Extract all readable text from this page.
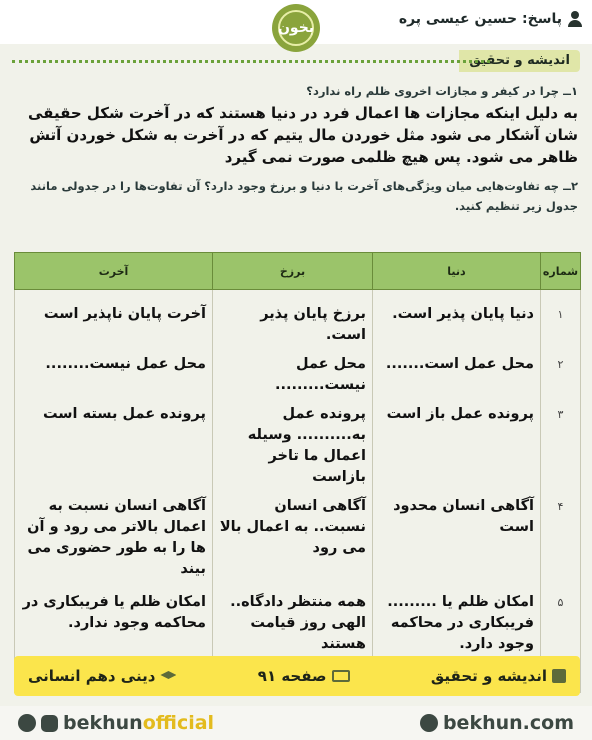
پاسخ: حسین عیسی پره
بخون
اندیشه و تحقیق
۱ــ چرا در کیفر و مجازات اخروی ظلم راه ندارد؟
به دلیل اینکه مجازات ها اعمال فرد در دنیا هستند که در آخرت شکل حقیقی شان آشکار می شود مثل خوردن مال یتیم که در آخرت به شکل خوردن آتش ظاهر می شود. پس هیچ ظلمی صورت نمی گیرد
۲ــ چه تفاوت‌هایی میان ویژگی‌های آخرت با دنیا و برزخ وجود دارد؟ آن تفاوت‌ها را در جدولی مانند جدول زیر تنظیم کنید.
شماره	دنیا	برزخ	آخرت
۱	دنیا پایان پذیر است.	برزخ پایان پذیر است.	آخرت پایان ناپذیر است
۲	محل عمل است.......	محل عمل نیست.........	محل عمل نیست........
۳	پرونده عمل باز است	پرونده عمل به.......... وسیله اعمال ما تاخر بازاست	پرونده عمل بسته است
۴	آگاهی انسان محدود است	آگاهی انسان نسبت.. به اعمال بالا می رود	آگاهی انسان نسبت به اعمال بالاتر می رود و آن ها را به طور حضوری می بیند
۵	امکان ظلم یا ......... فریبکاری در محاکمه وجود دارد.	همه منتظر دادگاه.. الهی روز قیامت هستند	امکان ظلم یا فریبکاری در محاکمه وجود ندارد.
اندیشه و تحقیق
صفحه ۹۱
دینی دهم انسانی
bekhunofficial	bekhun.com
